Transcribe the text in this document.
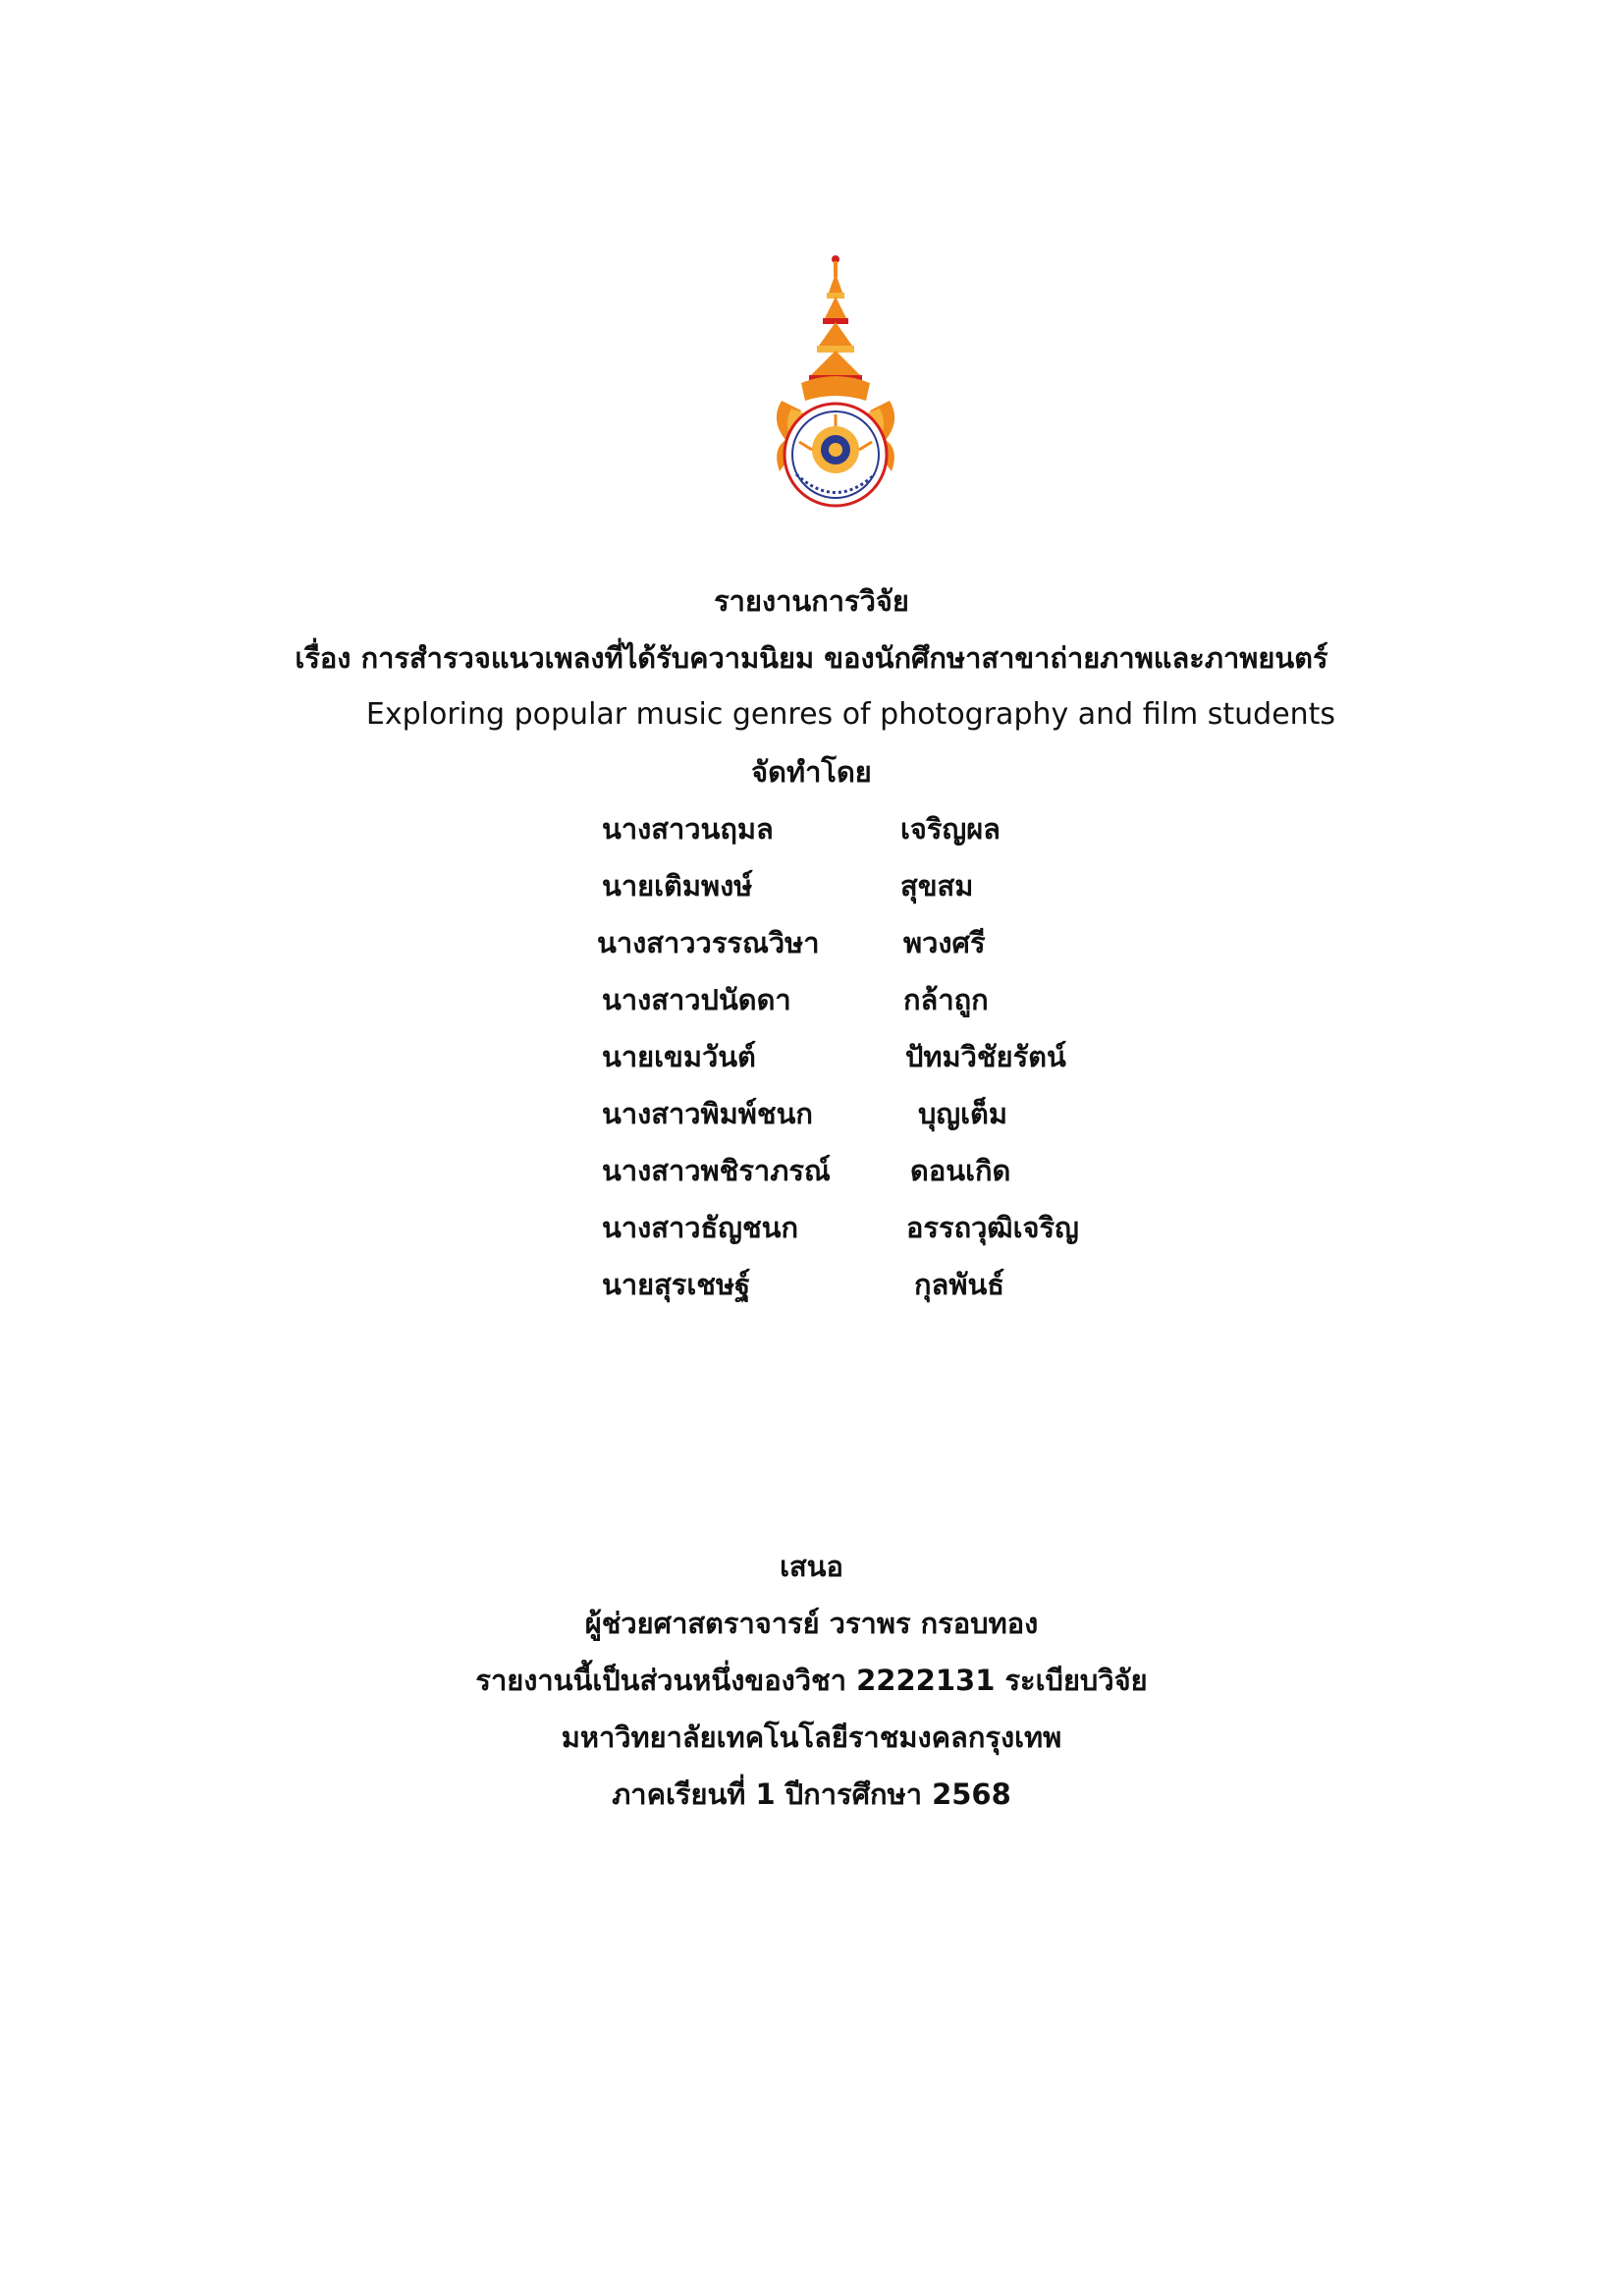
รายงานการวิจัย
เรื่อง การสำรวจแนวเพลงที่ได้รับความนิยม ของนักศึกษาสาขาถ่ายภาพและภาพยนตร์
Exploring popular music genres of photography and film students
จัดทำโดย
นางสาวนฤมล	เจริญผล
นายเติมพงษ์	สุขสม
นางสาววรรณวิษา	พวงศรี
นางสาวปนัดดา	กล้าถูก
นายเขมวันต์	ปัทมวิชัยรัตน์
นางสาวพิมพ์ชนก	บุญเต็ม
นางสาวพชิราภรณ์	ดอนเกิด
นางสาวธัญชนก	อรรถวุฒิเจริญ
นายสุรเชษฐ์	กุลพันธ์
เสนอ
ผู้ช่วยศาสตราจารย์ วราพร กรอบทอง
รายงานนี้เป็นส่วนหนึ่งของวิชา 2222131 ระเบียบวิจัย
มหาวิทยาลัยเทคโนโลยีราชมงคลกรุงเทพ
ภาคเรียนที่ 1 ปีการศึกษา 2568
